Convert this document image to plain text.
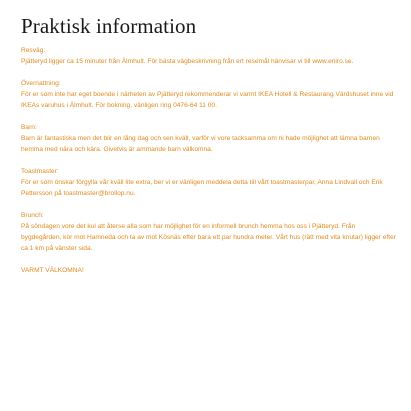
Praktisk information
Resväg:
Pjätteryd ligger ca 15 minuter från Älmhult. För bästa vägbeskrivning från ert resemål hänvisar vi till www.eniro.se.
Övernattning:
För er som inte har eget boende i närheten av Pjätteryd rekommenderar vi varmt IKEA Hotell & Restaurang Värdshuset inne vid IKEAs varuhus i Älmhult. För bokning, vänligen ring 0476-64 11 00.
Barn:
Barn är fantastiska men det blir en lång dag och sen kväll, varför vi vore tacksamma om ni hade möjlighet att lämna barnen hemma med nära och kära. Givetvis är ammande barn välkomna.
Toastmaster:
För er som önskar förgylla vår kväll lite extra, ber vi er vänligen meddela detta till vårt toastmasterpar, Anna Lindvall och Erik Pettersson på toastmaster@brollop.nu.
Brunch:
På söndagen vore det kul att återse alla som har möjlighet för en informell brunch hemma hos oss i Pjätteryd. Från bygdegården, kör mot Hamneda och ta av mot Kösnäs efter bara ett par hundra meter. Vårt hus (rätt med vita knutar) ligger efter ca 1 km på vänster sida.

VARMT VÄLKOMNA!
